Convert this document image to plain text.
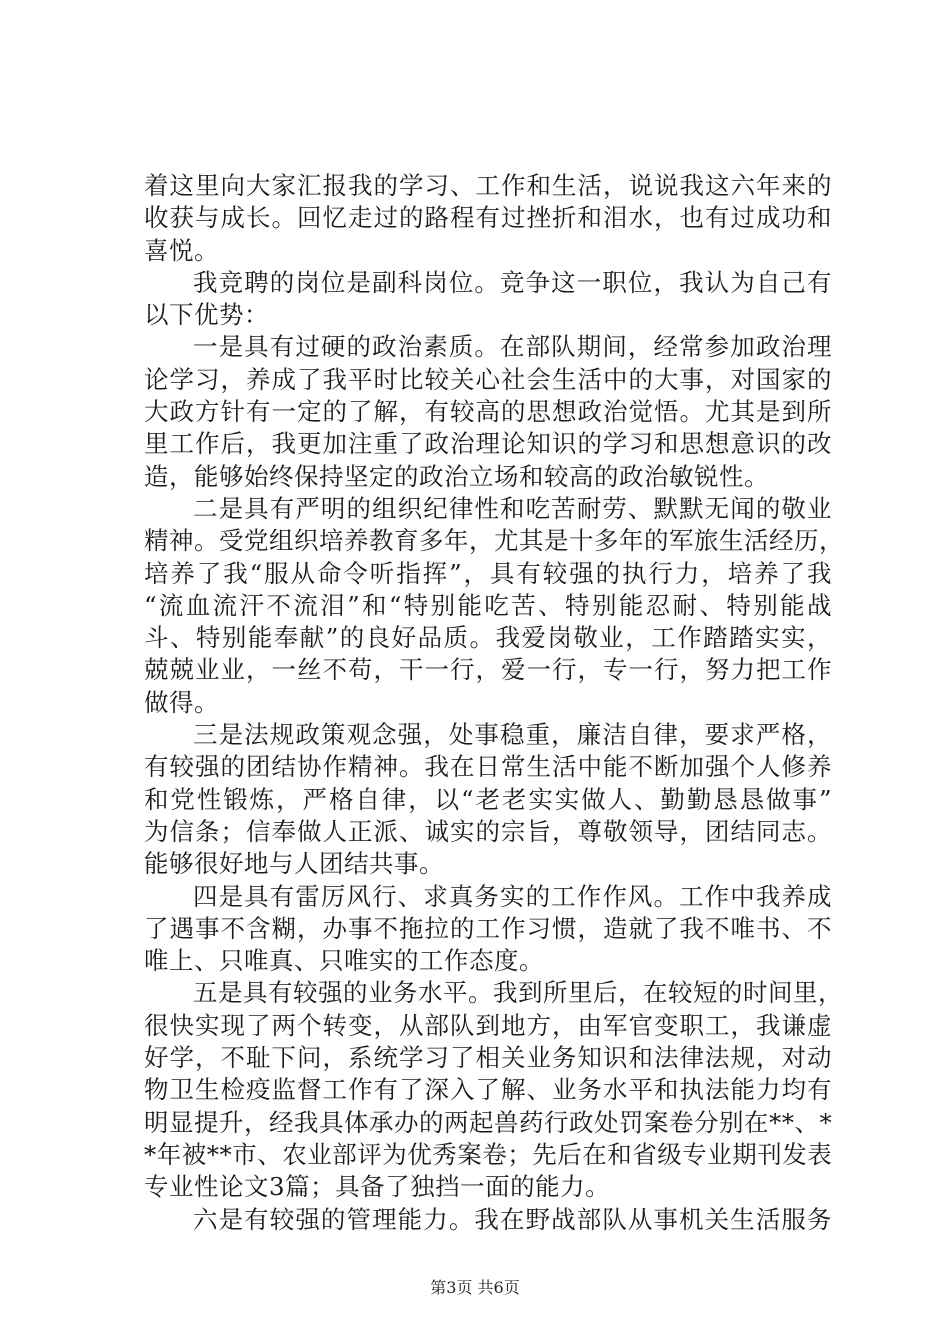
着这里向大家汇报我的学习、工作和生活，说说我这六年来的
收获与成长。回忆走过的路程有过挫折和泪水，也有过成功和
喜悦。
我竞聘的岗位是副科岗位。竞争这一职位，我认为自己有
以下优势：
一是具有过硬的政治素质。在部队期间，经常参加政治理
论学习，养成了我平时比较关心社会生活中的大事，对国家的
大政方针有一定的了解，有较高的思想政治觉悟。尤其是到所
里工作后，我更加注重了政治理论知识的学习和思想意识的改
造，能够始终保持坚定的政治立场和较高的政治敏锐性。
二是具有严明的组织纪律性和吃苦耐劳、默默无闻的敬业
精神。受党组织培养教育多年，尤其是十多年的军旅生活经历，
培养了我“服从命令听指挥”，具有较强的执行力，培养了我
“流血流汗不流泪”和“特别能吃苦、特别能忍耐、特别能战
斗、特别能奉献”的良好品质。我爱岗敬业，工作踏踏实实，
兢兢业业，一丝不苟，干一行，爱一行，专一行，努力把工作
做得。
三是法规政策观念强，处事稳重，廉洁自律，要求严格，
有较强的团结协作精神。我在日常生活中能不断加强个人修养
和党性锻炼，严格自律，以“老老实实做人、勤勤恳恳做事”
为信条；信奉做人正派、诚实的宗旨，尊敬领导，团结同志。
能够很好地与人团结共事。
四是具有雷厉风行、求真务实的工作作风。工作中我养成
了遇事不含糊，办事不拖拉的工作习惯，造就了我不唯书、不
唯上、只唯真、只唯实的工作态度。
五是具有较强的业务水平。我到所里后，在较短的时间里，
很快实现了两个转变，从部队到地方，由军官变职工，我谦虚
好学，不耻下问，系统学习了相关业务知识和法律法规，对动
物卫生检疫监督工作有了深入了解、业务水平和执法能力均有
明显提升，经我具体承办的两起兽药行政处罚案卷分别在**、*
*年被**市、农业部评为优秀案卷；先后在和省级专业期刊发表
专业性论文3篇；具备了独挡一面的能力。
六是有较强的管理能力。我在野战部队从事机关生活服务
第3页 共6页
